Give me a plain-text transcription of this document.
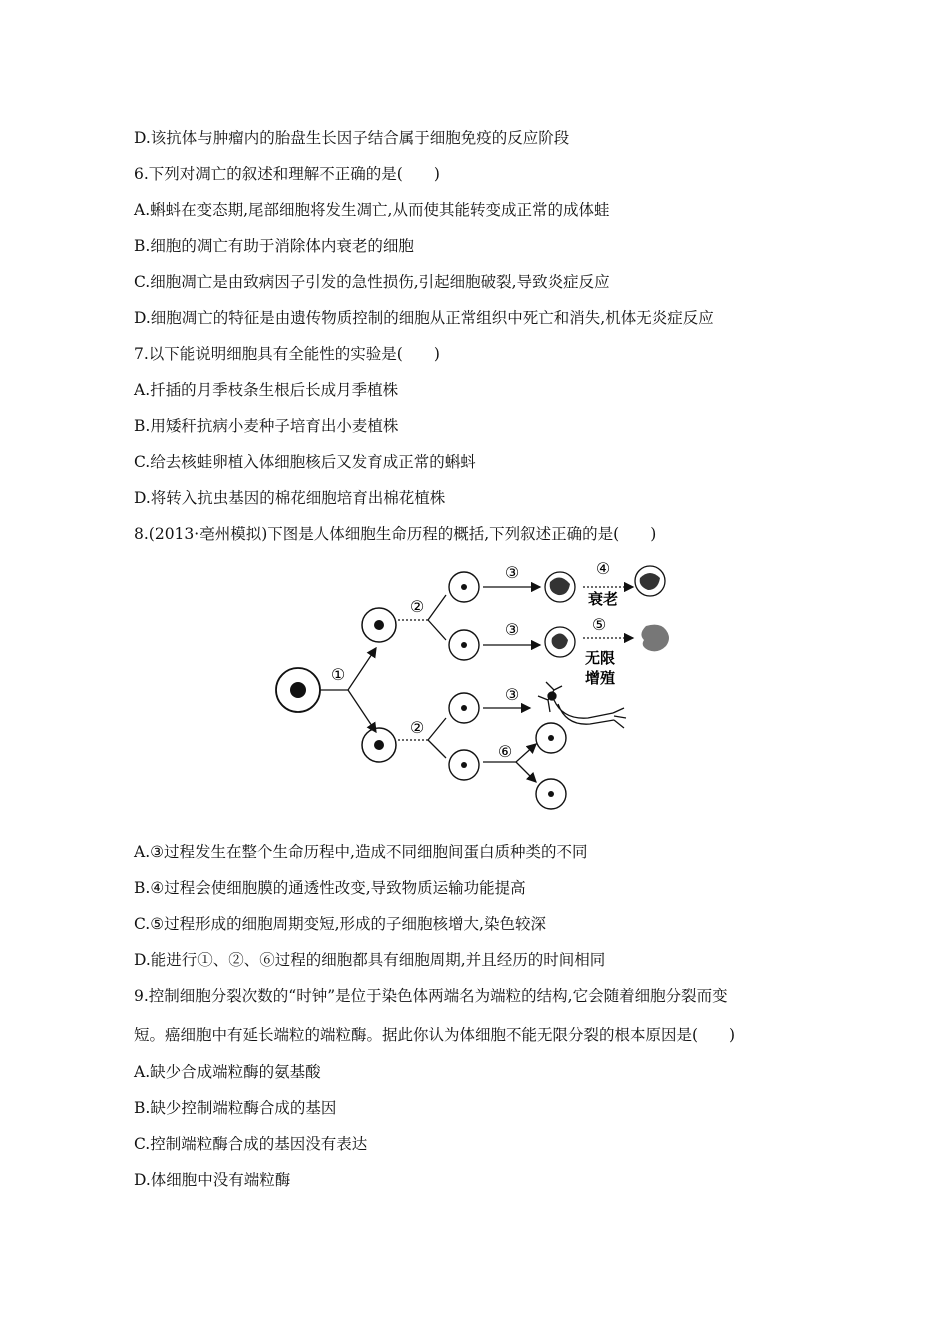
D.该抗体与肿瘤内的胎盘生长因子结合属于细胞免疫的反应阶段
6.下列对凋亡的叙述和理解不正确的是(　　)
A.蝌蚪在变态期,尾部细胞将发生凋亡,从而使其能转变成正常的成体蛙
B.细胞的凋亡有助于消除体内衰老的细胞
C.细胞凋亡是由致病因子引发的急性损伤,引起细胞破裂,导致炎症反应
D.细胞凋亡的特征是由遗传物质控制的细胞从正常组织中死亡和消失,机体无炎症反应
7.以下能说明细胞具有全能性的实验是(　　)
A.扦插的月季枝条生根后长成月季植株
B.用矮秆抗病小麦种子培育出小麦植株
C.给去核蛙卵植入体细胞核后又发育成正常的蝌蚪
D.将转入抗虫基因的棉花细胞培育出棉花植株
8.(2013·亳州模拟)下图是人体细胞生命历程的概括,下列叙述正确的是(　　)
①
②
②
③	④
衰老
③	⑤
无限
增殖
③
⑥
A.③过程发生在整个生命历程中,造成不同细胞间蛋白质种类的不同
B.④过程会使细胞膜的通透性改变,导致物质运输功能提高
C.⑤过程形成的细胞周期变短,形成的子细胞核增大,染色较深
D.能进行①、②、⑥过程的细胞都具有细胞周期,并且经历的时间相同
9.控制细胞分裂次数的“时钟”是位于染色体两端名为端粒的结构,它会随着细胞分裂而变
短。癌细胞中有延长端粒的端粒酶。据此你认为体细胞不能无限分裂的根本原因是(　　)
A.缺少合成端粒酶的氨基酸
B.缺少控制端粒酶合成的基因
C.控制端粒酶合成的基因没有表达
D.体细胞中没有端粒酶
